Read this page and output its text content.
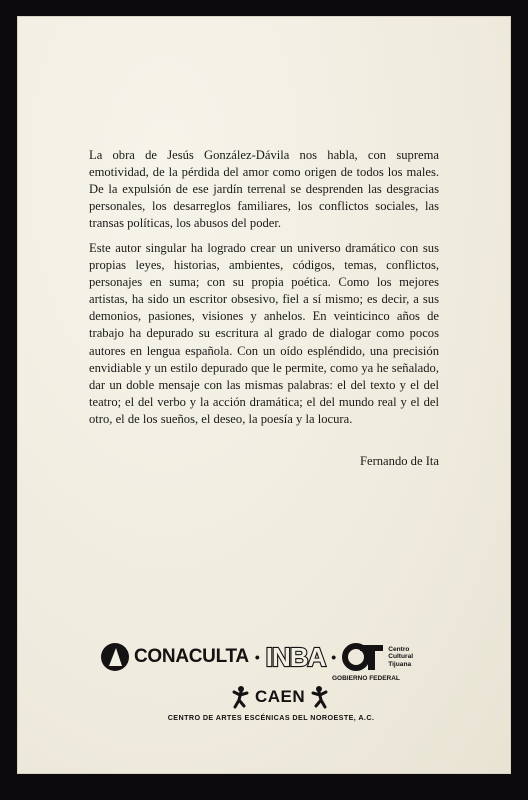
La obra de Jesús González-Dávila nos habla, con suprema emotividad, de la pérdida del amor como origen de todos los males. De la expulsión de ese jardín terrenal se desprenden las desgracias personales, los desarreglos familiares, los conflictos sociales, las transas políticas, los abusos del poder.

Este autor singular ha logrado crear un universo dramático con sus propias leyes, historias, ambientes, códigos, temas, conflictos, personajes en suma; con su propia poética. Como los mejores artistas, ha sido un escritor obsesivo, fiel a sí mismo; es decir, a sus demonios, pasiones, visiones y anhelos. En veinticinco años de trabajo ha depurado su escritura al grado de dialogar como pocos autores en lengua española. Con un oído espléndido, una precisión envidiable y un estilo depurado que le permite, como ya he señalado, dar un doble mensaje con las mismas palabras: el del texto y el del teatro; el del verbo y la acción dramática; el del mundo real y el del otro, el de los sueños, el deseo, la poesía y la locura.

Fernando de Ita
CONACULTA • INBA •	Centro
Cultural
Tijuana
GOBIERNO FEDERAL
CAEN
CENTRO DE ARTES ESCÉNICAS DEL NOROESTE, A.C.
